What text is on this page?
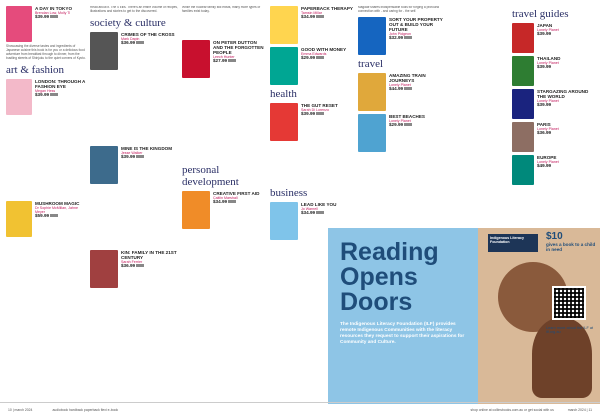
A DAY IN TOKYO
Brendan Low, Molly Ti
$39.99
Showcasing the diverse tastes and ingredients of Japanese cuisine this book is for you or a delicious food adventure from breakfast through to dinner, from the bustling streets of Shinjuku to the quiet corners of Kyoto.
art & fashion
LONDON: THROUGH A FASHION EYE
Megan Hess
$39.99
MUSHROOM MAGIC
Dr Sophie McMillan, Jahne Meyer
$59.99
Read about it. The 4 Ellis. There's an entire volume of recipes, illustrations and stories to get to the discovered.
society & culture
CRIMES OF THE CROSS
Mark Dapin
$36.99
MINE IS THE KINGDOM
Jesse Walker
$39.99
KIN: FAMILY IN THE 21ST CENTURY
Sarah Ferrier
$36.99
While the nuclear family still exists, many more types of families exist today.
ON PETER DUTTON AND THE FORGOTTEN PEOPLE
Leech Hunter
$27.99
personal development
CREATIVE FIRST AID
Caitlin Marshall
$34.99
PAPERBACK THERAPY
Tamsin Millar
$34.99
GOOD WITH MONEY
Emma Edwards
$29.99
health
THE GUT RESET
Sarah Di Lorenzo
$39.99
business
LEAD LIKE YOU
Jo Warnell
$34.99
Magdalf shares indispensable tools for forging a profound connection with - and caring for - the self.
SORT YOUR PROPERTY OUT & BUILD YOUR FUTURE
John Pidgeon
$32.99
travel
AMAZING TRAIN JOURNEYS
Lonely Planet
$44.99
BEST BEACHES
Lonely Planet
$29.99
travel guides
JAPAN
Lonely Planet
$39.99
THAILAND
Lonely Planet
$39.99
STARGAZING AROUND THE WORLD
Lonely Planet
$39.99
PARIS
Lonely Planet
$36.99
EUROPE
Lonely Planet
$49.99
Reading Opens Doors
The Indigenous Literacy Foundation (ILF) provides remote Indigenous Communities with the literacy resources they request to support their aspirations for Community and Culture.
Indigenous Literacy Foundation
$10
gives a book to a child in need
Learn more about the ILF at ilf.org.au
10 | march 2024	audiobook hardback paperback flexi e-book	shop online at collinsbooks.com.au or get social with us	march 2024 | 11
